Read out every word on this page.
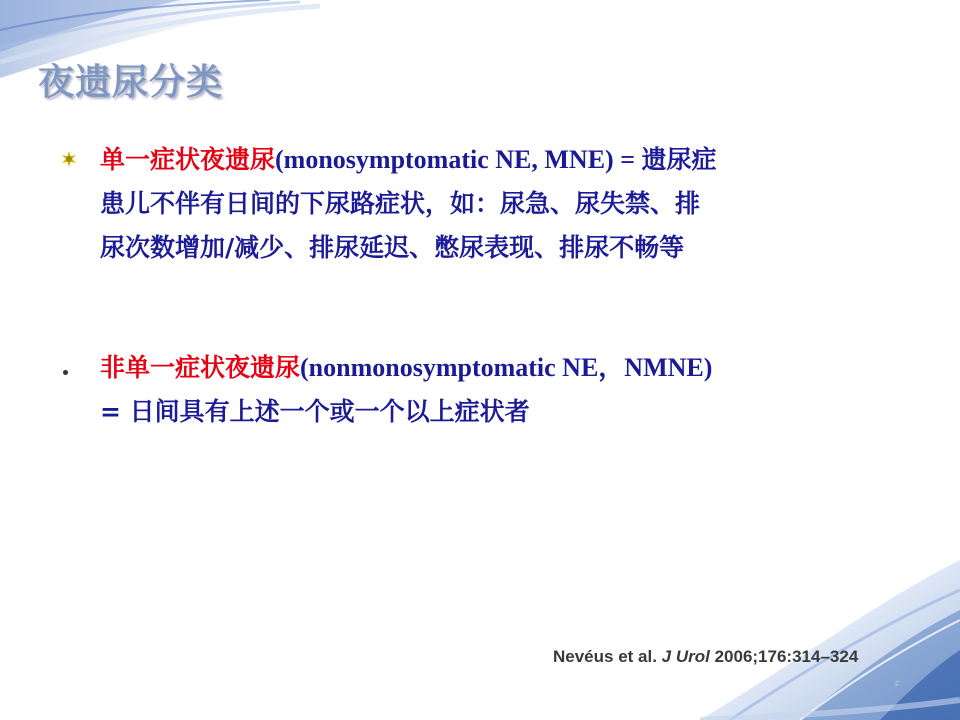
夜遗尿分类
单一症状夜遗尿(monosymptomatic NE, MNE) = 遗尿症
患儿不伴有日间的下尿路症状，如：尿急、尿失禁、排
尿次数增加/减少、排尿延迟、憋尿表现、排尿不畅等
非单一症状夜遗尿(nonmonosymptomatic NE，NMNE)
= 日间具有上述一个或一个以上症状者
Nevéus et al. J Urol 2006;176:314–324
F
